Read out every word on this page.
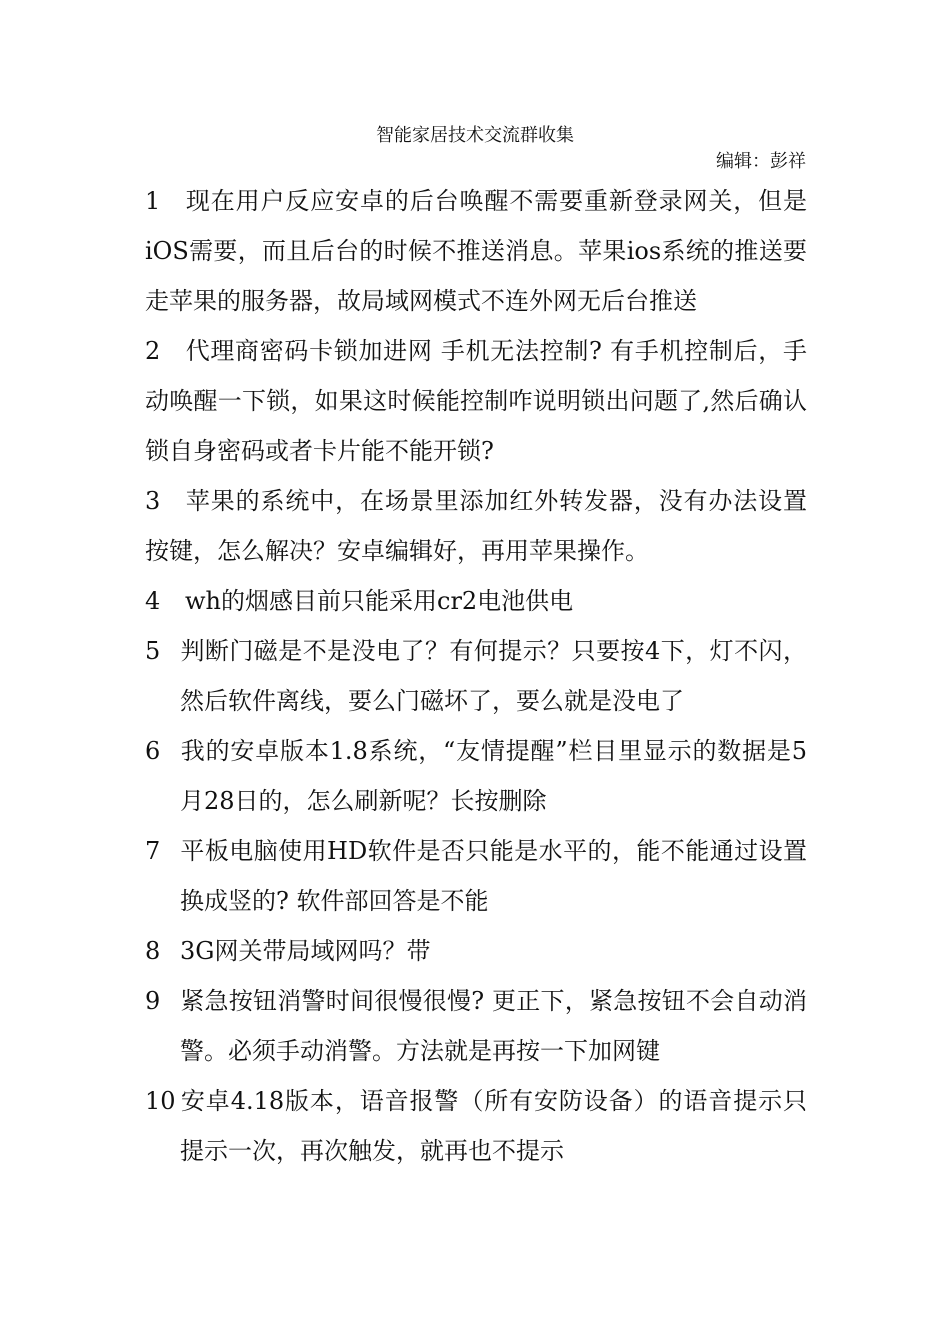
智能家居技术交流群收集
编辑：彭祥

1 现在用户反应安卓的后台唤醒不需要重新登录网关，但是iOS需要，而且后台的时候不推送消息。苹果ios系统的推送要走苹果的服务器，故局域网模式不连外网无后台推送

2 代理商密码卡锁加进网 手机无法控制? 有手机控制后，手动唤醒一下锁，如果这时候能控制咋说明锁出问题了,然后确认锁自身密码或者卡片能不能开锁?

3 苹果的系统中，在场景里添加红外转发器，没有办法设置按键，怎么解决？安卓编辑好，再用苹果操作。

4 wh的烟感目前只能采用cr2电池供电

5 判断门磁是不是没电了？有何提示？只要按4下，灯不闪，然后软件离线，要么门磁坏了，要么就是没电了

6 我的安卓版本1.8系统，“友情提醒”栏目里显示的数据是5月28日的，怎么刷新呢？长按删除

7 平板电脑使用HD软件是否只能是水平的，能不能通过设置换成竖的? 软件部回答是不能

8 3G网关带局域网吗？带

9 紧急按钮消警时间很慢很慢? 更正下，紧急按钮不会自动消警。必须手动消警。方法就是再按一下加网键

10 安卓4.18版本，语音报警（所有安防设备）的语音提示只提示一次，再次触发，就再也不提示
